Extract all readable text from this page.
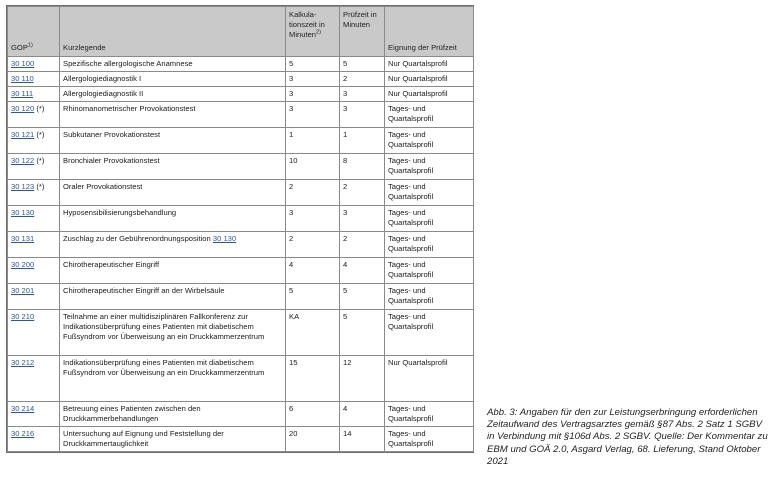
GOP$^{1)}$	Kurzlegende	Kalkula-tionszeit in Minuten$^{2)}$	Prüfzeit in Minuten	Eignung der Prüfzeit
30 100	Spezifische allergologische Anamnese	5	5	Nur Quartalsprofil
30 110	Allergologiediagnostik I	3	2	Nur Quartalsprofil
30 111	Allergologiediagnostik II	3	3	Nur Quartalsprofil
30 120 (*)	Rhinomanometrischer Provokationstest	3	3	Tages- und Quartalsprofil
30 121 (*)	Subkutaner Provokationstest	1	1	Tages- und Quartalsprofil
30 122 (*)	Bronchialer Provokationstest	10	8	Tages- und Quartalsprofil
30 123 (*)	Oraler Provokationstest	2	2	Tages- und Quartalsprofil
30 130	Hyposensibilisierungsbehandlung	3	3	Tages- und Quartalsprofil
30 131	Zuschlag zu der Gebührenordnungsposition 30 130	2	2	Tages- und Quartalsprofil
30 200	Chirotherapeutischer Eingriff	4	4	Tages- und Quartalsprofil
30 201	Chirotherapeutischer Eingriff an der Wirbelsäule	5	5	Tages- und Quartalsprofil
30 210	Teilnahme an einer multidisziplinären Fallkonferenz zur Indikationsüberprüfung eines Patienten mit diabetischem Fußsyndrom vor Überweisung an ein Druckkammerzentrum	KA	5	Tages- und Quartalsprofil
30 212	Indikationsüberprüfung eines Patienten mit diabetischem Fußsyndrom vor Überweisung an ein Druckkammerzentrum	15	12	Nur Quartalsprofil
30 214	Betreuung eines Patienten zwischen den Druckkammerbehandlungen	6	4	Tages- und Quartalsprofil
30 216	Untersuchung auf Eignung und Feststellung der Druckkammertauglichkeit	20	14	Tages- und Quartalsprofil
Abb. 3: Angaben für den zur Leistungserbringung erforderlichen Zeitaufwand des Vertragsarztes gemäß §87 Abs. 2 Satz 1 SGBV in Verbindung mit §106d Abs. 2 SGBV. Quelle: Der Kommentar zu EBM und GOÄ 2.0, Asgard Verlag, 68. Lieferung, Stand Oktober 2021
